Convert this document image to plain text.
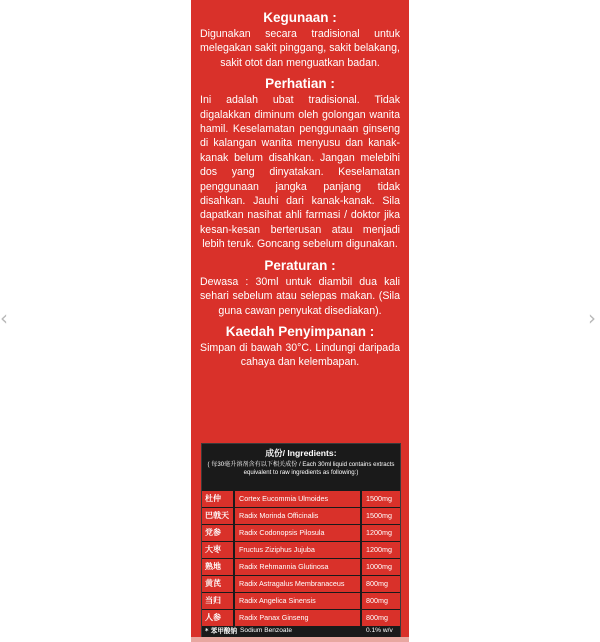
‹	›
Kegunaan :

Digunakan secara tradisional untuk melegakan sakit pinggang, sakit belakang, sakit otot dan menguatkan badan.

Perhatian :

Ini adalah ubat tradisional. Tidak digalakkan diminum oleh golongan wanita hamil. Keselamatan penggunaan ginseng di kalangan wanita menyusu dan kanak-kanak belum disahkan. Jangan melebihi dos yang dinyatakan. Keselamatan penggunaan jangka panjang tidak disahkan. Jauhi dari kanak-kanak. Sila dapatkan nasihat ahli farmasi / doktor jika kesan-kesan berterusan atau menjadi lebih teruk. Goncang sebelum digunakan.

Peraturan :

Dewasa : 30ml untuk diambil dua kali sehari sebelum atau selepas makan. (Sila guna cawan penyukat disediakan).

Kaedah Penyimpanan :

Simpan di bawah 30°C. Lindungi daripada cahaya dan kelembapan.

成份/ Ingredients:
( 每30毫升溶剂含有以下相关成份 / Each 30ml liquid contains extracts equivalent to raw ingredients as following:)
杜仲	Cortex Eucommia Ulmoides	1500mg
巴戟天	Radix Morinda Officinalis	1500mg
党参	Radix Codonopsis Pilosula	1200mg
大枣	Fructus Ziziphus Jujuba	1200mg
熟地	Radix Rehmannia Glutinosa	1000mg
黄芪	Radix Astragalus Membranaceus	800mg
当归	Radix Angelica Sinensis	800mg
人参	Radix Panax Ginseng	800mg
* 苯甲酸钠 Sodium Benzoate	0.1% w/v
